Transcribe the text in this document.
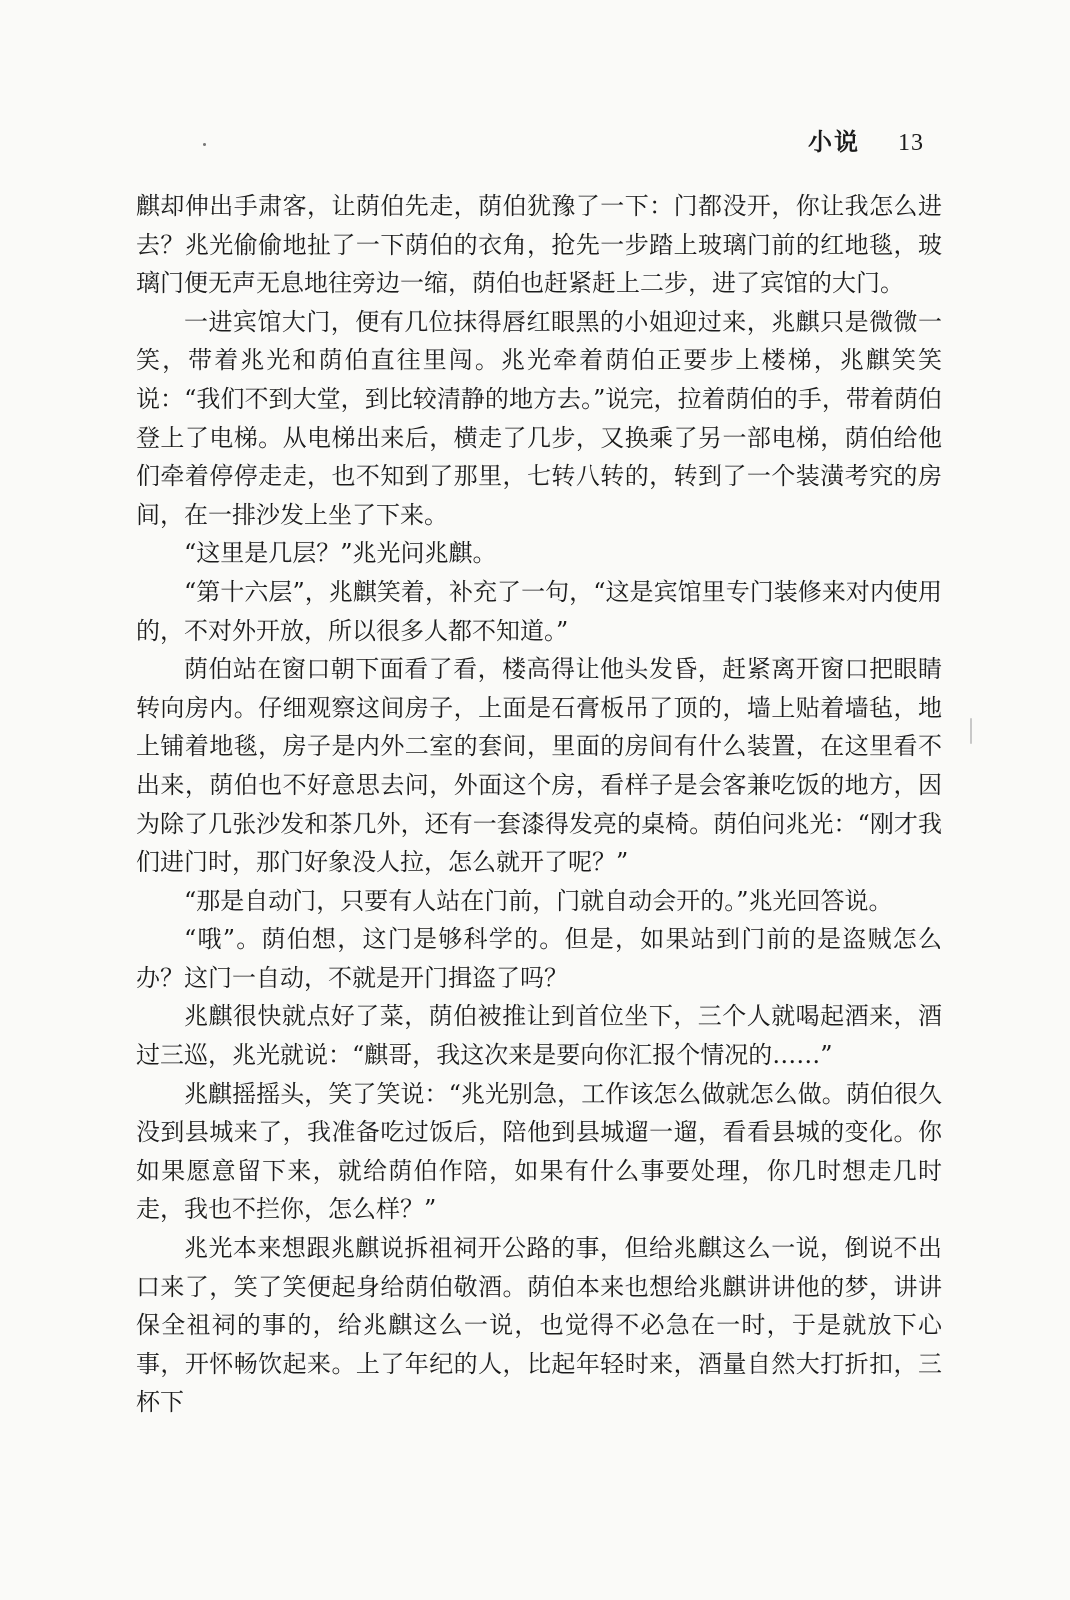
小说 13

麒却伸出手肃客，让荫伯先走，荫伯犹豫了一下：门都没开，你让我怎么进去？兆光偷偷地扯了一下荫伯的衣角，抢先一步踏上玻璃门前的红地毯，玻璃门便无声无息地往旁边一缩，荫伯也赶紧赶上二步，进了宾馆的大门。

一进宾馆大门，便有几位抹得唇红眼黑的小姐迎过来，兆麒只是微微一笑，带着兆光和荫伯直往里闯。兆光牵着荫伯正要步上楼梯，兆麒笑笑说：“我们不到大堂，到比较清静的地方去。”说完，拉着荫伯的手，带着荫伯登上了电梯。从电梯出来后，横走了几步，又换乘了另一部电梯，荫伯给他们牵着停停走走，也不知到了那里，七转八转的，转到了一个装潢考究的房间，在一排沙发上坐了下来。

“这里是几层？”兆光问兆麒。

“第十六层”，兆麒笑着，补充了一句，“这是宾馆里专门装修来对内使用的，不对外开放，所以很多人都不知道。”

荫伯站在窗口朝下面看了看，楼高得让他头发昏，赶紧离开窗口把眼睛转向房内。仔细观察这间房子，上面是石膏板吊了顶的，墙上贴着墙毡，地上铺着地毯，房子是内外二室的套间，里面的房间有什么装置，在这里看不出来，荫伯也不好意思去问，外面这个房，看样子是会客兼吃饭的地方，因为除了几张沙发和茶几外，还有一套漆得发亮的桌椅。荫伯问兆光：“刚才我们进门时，那门好象没人拉，怎么就开了呢？”

“那是自动门，只要有人站在门前，门就自动会开的。”兆光回答说。

“哦”。荫伯想，这门是够科学的。但是，如果站到门前的是盗贼怎么办？这门一自动，不就是开门揖盗了吗？

兆麒很快就点好了菜，荫伯被推让到首位坐下，三个人就喝起酒来，酒过三巡，兆光就说：“麒哥，我这次来是要向你汇报个情况的……”

兆麒摇摇头，笑了笑说：“兆光别急，工作该怎么做就怎么做。荫伯很久没到县城来了，我准备吃过饭后，陪他到县城遛一遛，看看县城的变化。你如果愿意留下来，就给荫伯作陪，如果有什么事要处理，你几时想走几时走，我也不拦你，怎么样？”

兆光本来想跟兆麒说拆祖祠开公路的事，但给兆麒这么一说，倒说不出口来了，笑了笑便起身给荫伯敬酒。荫伯本来也想给兆麒讲讲他的梦，讲讲保全祖祠的事的，给兆麒这么一说，也觉得不必急在一时，于是就放下心事，开怀畅饮起来。上了年纪的人，比起年轻时来，酒量自然大打折扣，三杯下
